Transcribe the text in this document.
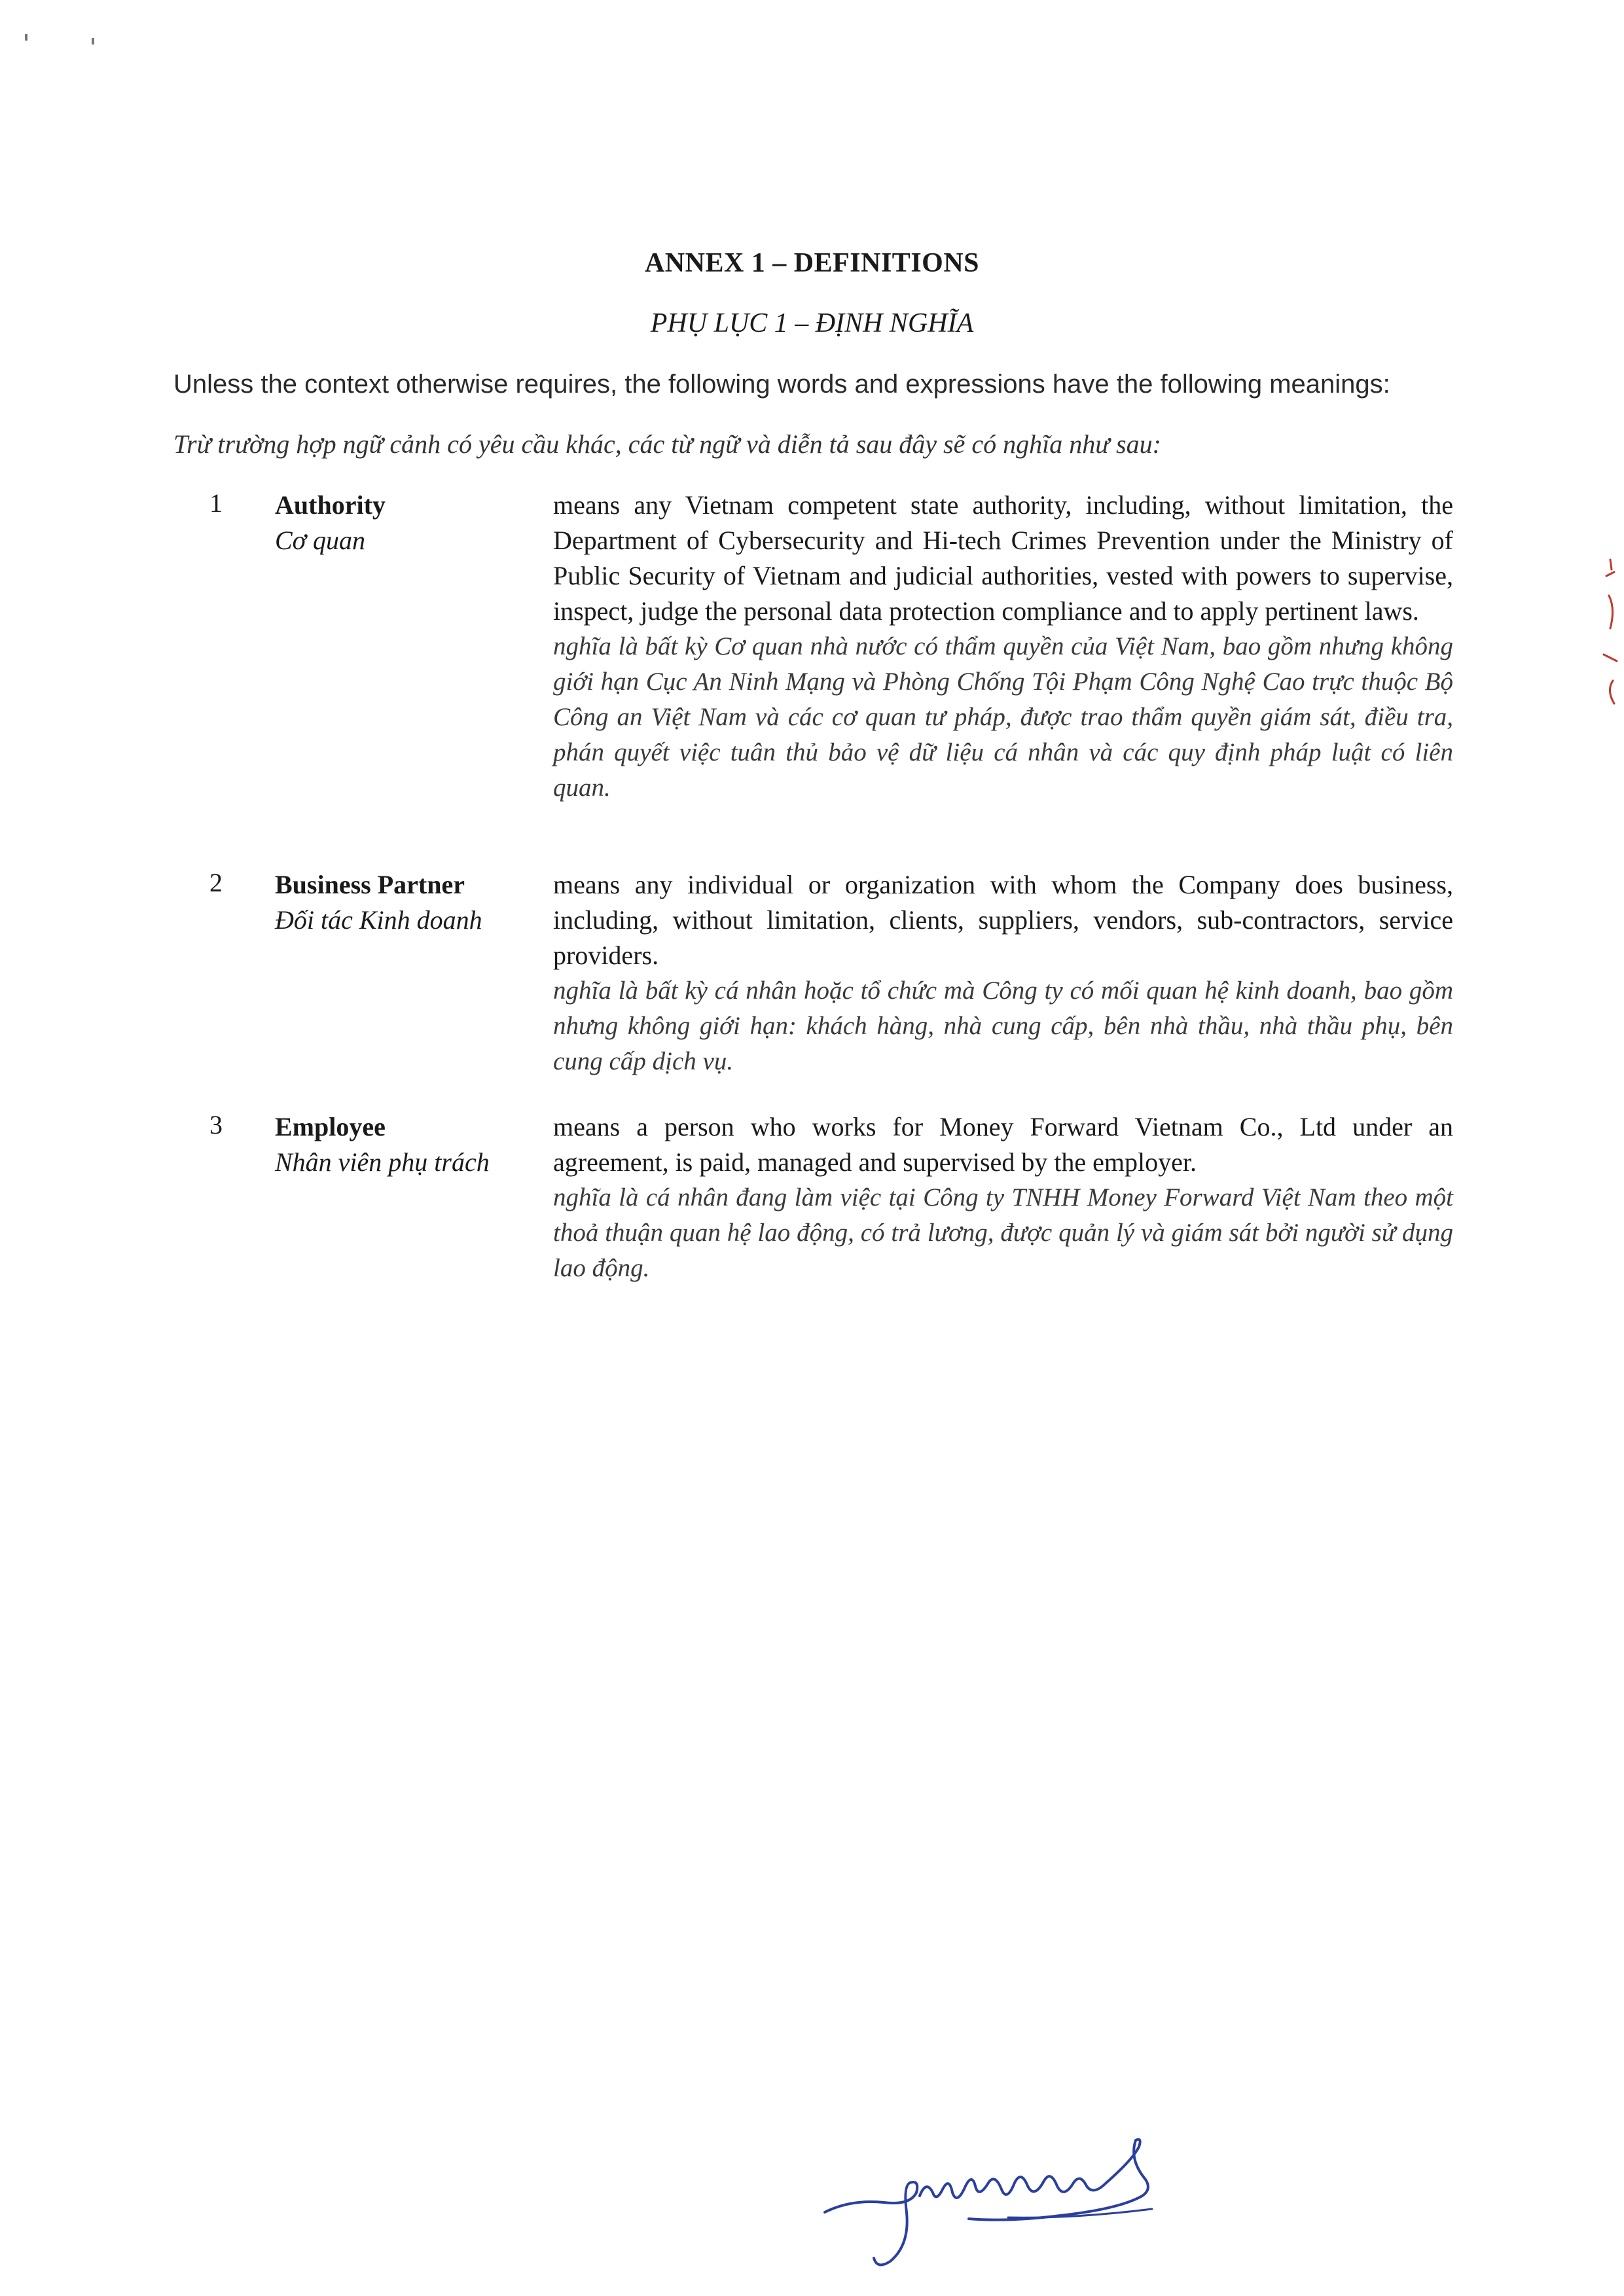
ANNEX 1 – DEFINITIONS
PHỤ LỤC 1 – ĐỊNH NGHĨA
Unless the context otherwise requires, the following words and expressions have the following meanings:
Trừ trường hợp ngữ cảnh có yêu cầu khác, các từ ngữ và diễn tả sau đây sẽ có nghĩa như sau:
1 Authority
Cơ quan

means any Vietnam competent state authority, including, without limitation, the Department of Cybersecurity and Hi-tech Crimes Prevention under the Ministry of Public Security of Vietnam and judicial authorities, vested with powers to supervise, inspect, judge the personal data protection compliance and to apply pertinent laws.

nghĩa là bất kỳ Cơ quan nhà nước có thẩm quyền của Việt Nam, bao gồm nhưng không giới hạn Cục An Ninh Mạng và Phòng Chống Tội Phạm Công Nghệ Cao trực thuộc Bộ Công an Việt Nam và các cơ quan tư pháp, được trao thẩm quyền giám sát, điều tra, phán quyết việc tuân thủ bảo vệ dữ liệu cá nhân và các quy định pháp luật có liên quan.

2 Business Partner
Đối tác Kinh doanh

means any individual or organization with whom the Company does business, including, without limitation, clients, suppliers, vendors, sub-contractors, service providers.

nghĩa là bất kỳ cá nhân hoặc tổ chức mà Công ty có mối quan hệ kinh doanh, bao gồm nhưng không giới hạn: khách hàng, nhà cung cấp, bên nhà thầu, nhà thầu phụ, bên cung cấp dịch vụ.

3 Employee
Nhân viên phụ trách

means a person who works for Money Forward Vietnam Co., Ltd under an agreement, is paid, managed and supervised by the employer.

nghĩa là cá nhân đang làm việc tại Công ty TNHH Money Forward Việt Nam theo một thoả thuận quan hệ lao động, có trả lương, được quản lý và giám sát bởi người sử dụng lao động.
